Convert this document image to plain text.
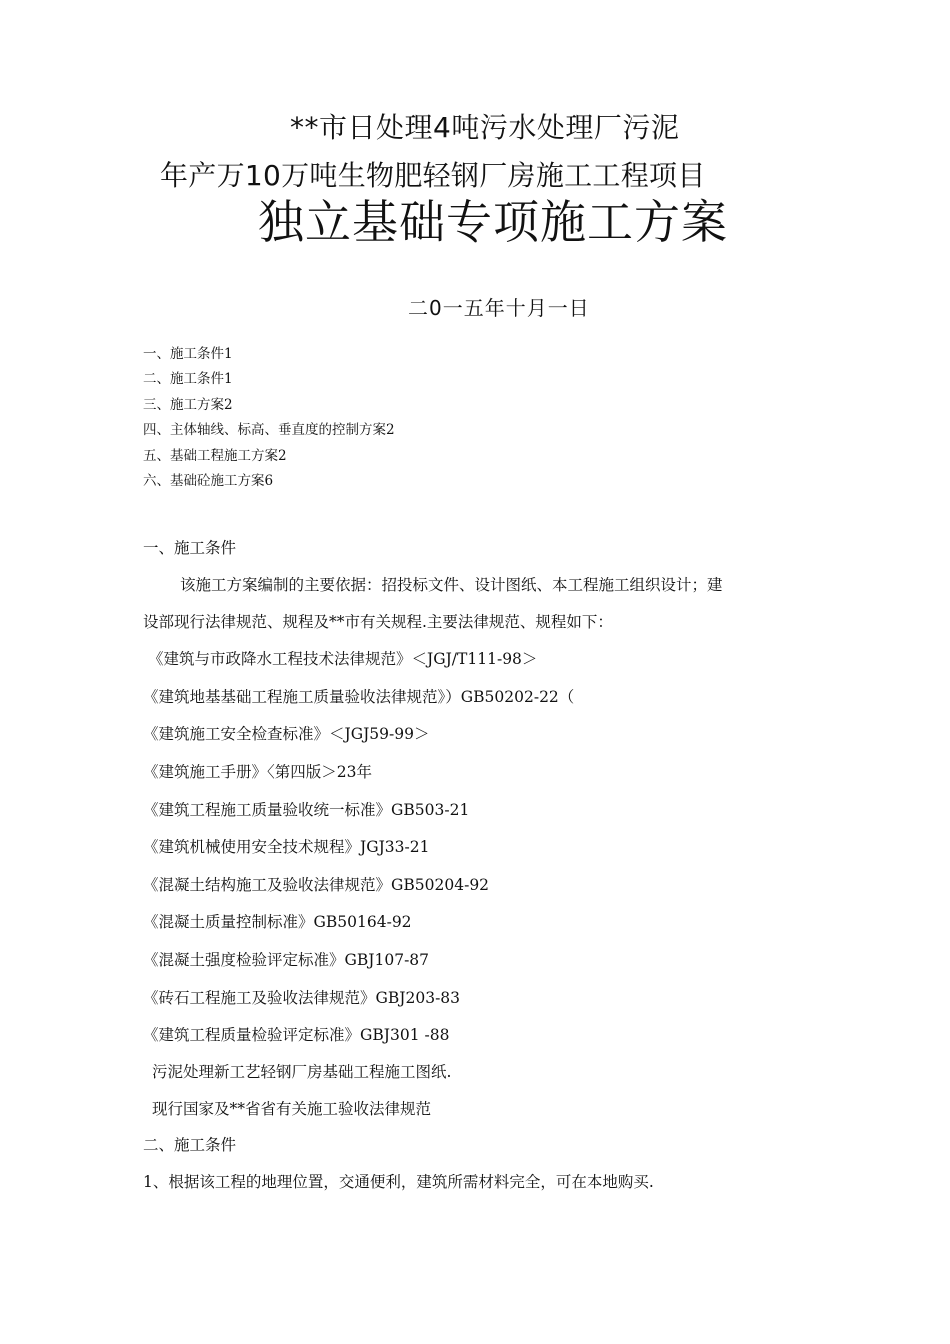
**市日处理4吨污水处理厂污泥
年产万10万吨生物肥轻钢厂房施工工程项目
独立基础专项施工方案
二0一五年十月一日
一、施工条件1
二、施工条件1
三、施工方案2
四、主体轴线、标高、垂直度的控制方案2
五、基础工程施工方案2
六、基础砼施工方案6
一、施工条件
该施工方案编制的主要依据：招投标文件、设计图纸、本工程施工组织设计；建
设部现行法律规范、规程及**市有关规程.主要法律规范、规程如下：
《建筑与市政降水工程技术法律规范》＜JGJ/T111-98＞
《建筑地基基础工程施工质量验收法律规范》）GB50202-22（
《建筑施工安全检查标准》＜JGJ59-99＞
《建筑施工手册》〈第四版＞23年
《建筑工程施工质量验收统一标准》GB503-21
《建筑机械使用安全技术规程》JGJ33-21
《混凝土结构施工及验收法律规范》GB50204-92
《混凝土质量控制标准》GB50164-92
《混凝土强度检验评定标准》GBJ107-87
《砖石工程施工及验收法律规范》GBJ203-83
《建筑工程质量检验评定标准》GBJ301 -88
污泥处理新工艺轻钢厂房基础工程施工图纸.
现行国家及**省省有关施工验收法律规范
二、施工条件
1、根据该工程的地理位置，交通便利，建筑所需材料完全，可在本地购买.
